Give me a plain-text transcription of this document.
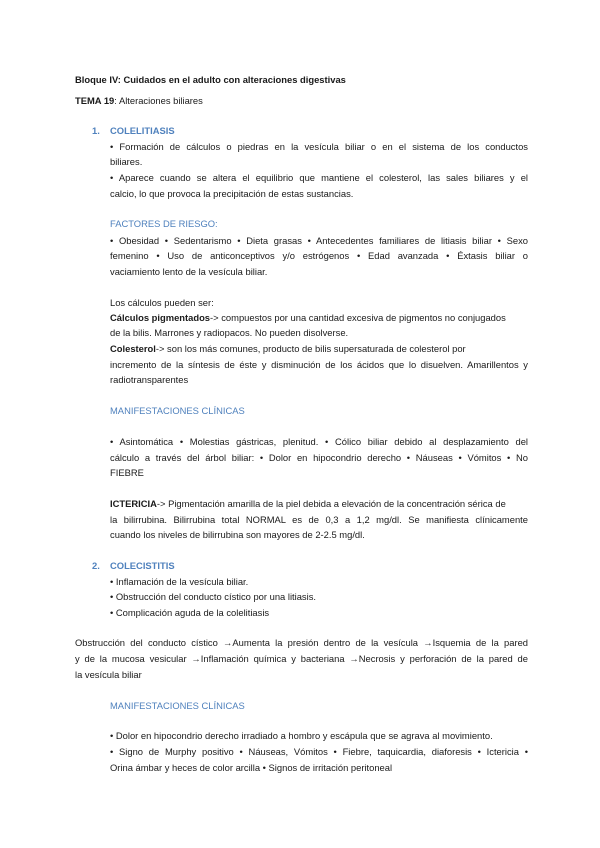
Bloque IV: Cuidados en el adulto con alteraciones digestivas
TEMA 19: Alteraciones biliares
1. COLELITIASIS
• Formación de cálculos o piedras en la vesícula biliar o en el sistema de los conductos
biliares.
• Aparece cuando se altera el equilibrio que mantiene el colesterol, las sales biliares y el
calcio, lo que provoca la precipitación de estas sustancias.
FACTORES DE RIESGO:
• Obesidad • Sedentarismo • Dieta grasas • Antecedentes familiares de litiasis biliar • Sexo
femenino • Uso de anticonceptivos y/o estrógenos • Edad avanzada • Éxtasis biliar o
vaciamiento lento de la vesícula biliar.
Los cálculos pueden ser:
Cálculos pigmentados-> compuestos por una cantidad excesiva de pigmentos no conjugados
de la bilis. Marrones y radiopacos. No pueden disolverse.
Colesterol-> son los más comunes, producto de bilis supersaturada de colesterol por
incremento de la síntesis de éste y disminución de los ácidos que lo disuelven. Amarillentos y
radiotransparentes
MANIFESTACIONES CLÍNICAS
• Asintomática • Molestias gástricas, plenitud. • Cólico biliar debido al desplazamiento del
cálculo a través del árbol biliar: • Dolor en hipocondrio derecho • Náuseas • Vómitos • No
FIEBRE
ICTERICIA-> Pigmentación amarilla de la piel debida a elevación de la concentración sérica de
la bilirrubina. Bilirrubina total NORMAL es de 0,3 a 1,2 mg/dl. Se manifiesta clínicamente
cuando los niveles de bilirrubina son mayores de 2-2.5 mg/dl.
2. COLECISTITIS
• Inflamación de la vesícula biliar.
• Obstrucción del conducto cístico por una litiasis.
• Complicación aguda de la colelitiasis
Obstrucción del conducto cístico →Aumenta la presión dentro de la vesícula →Isquemia de la pared
y de la mucosa vesicular →Inflamación química y bacteriana →Necrosis y perforación de la pared de
la vesícula biliar
MANIFESTACIONES CLÍNICAS
• Dolor en hipocondrio derecho irradiado a hombro y escápula que se agrava al movimiento.
• Signo de Murphy positivo • Náuseas, Vómitos • Fiebre, taquicardia, diaforesis • Ictericia •
Orina ámbar y heces de color arcilla • Signos de irritación peritoneal
